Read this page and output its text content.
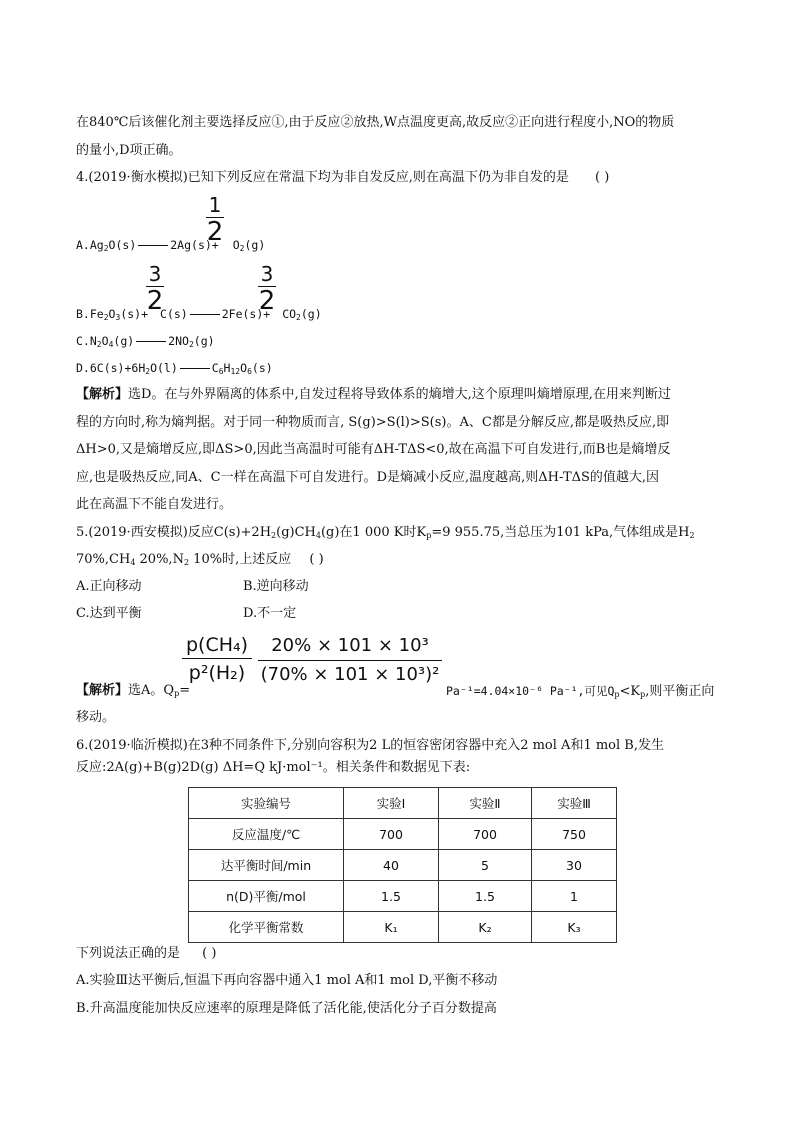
在840℃后该催化剂主要选择反应①,由于反应②放热,W点温度更高,故反应②正向进行程度小,NO的物质
的量小,D项正确。
4.(2019·衡水模拟)已知下列反应在常温下均为非自发反应,则在高温下仍为非自发的是 ( )
1
2
$A.Ag_2O(s)$	$2Ag(s)+ O_2(g)$
3
2
3
2
$B.Fe_2O_3(s)+ C(s)$	$2Fe(s)+ CO_2(g)$
$C.N_2O_4(g)$	$2NO_2(g)$
$D.6C(s)+6H_2O(l)$	$C_6H_{12}O_6(s)$
【解析】选D。在与外界隔离的体系中,自发过程将导致体系的熵增大,这个原理叫熵增原理,在用来判断过
程的方向时,称为熵判据。对于同一种物质而言, S(g)>S(l)>S(s)。A、C都是分解反应,都是吸热反应,即
ΔH>0,又是熵增反应,即ΔS>0,因此当高温时可能有ΔH-TΔS<0,故在高温下可自发进行,而B也是熵增反
应,也是吸热反应,同A、C一样在高温下可自发进行。D是熵减小反应,温度越高,则ΔH-TΔS的值越大,因
此在高温下不能自发进行。
5.(2019·西安模拟)反应$C(s)+2H_2(g)CH_4(g)$在1 000 K时$K_p=9$ 955.75,当总压为101 kPa,气体组成是$H_2$
$70\%,CH_4$ $20\%,N_2$ 10%时,上述反应 ( )
A.正向移动	B.逆向移动
C.达到平衡	D.不一定
$\frac{\text{p(CH₄)}}{\text{p²(H₂)}} \frac{\text{20\% × 101 × 10³}}{\text{(70\% × 101 × 10³)²}}$
【解析】选A。$Q_p=$	Pa⁻¹=4.04×10⁻⁶ Pa⁻¹,可见$Q_p<K_p$,则平衡正向
移动。
6.(2019·临沂模拟)在3种不同条件下,分别向容积为2 L的恒容密闭容器中充入2 mol A和1 mol B,发生
实验编号	实验Ⅰ	实验Ⅱ	实验Ⅲ
反应温度/℃	700	700	750
达平衡时间/min	40	5	30
n(D)平衡/mol	1.5	1.5	1
化学平衡常数	K₁	K₂	K₃
下列说法正确的是 ( )
A.实验Ⅲ达平衡后,恒温下再向容器中通入1 mol A和1 mol D,平衡不移动
B.升高温度能加快反应速率的原理是降低了活化能,使活化分子百分数提高
反应:2A(g)+B(g)2D(g) ΔH=Q kJ·mol⁻¹。相关条件和数据见下表:
